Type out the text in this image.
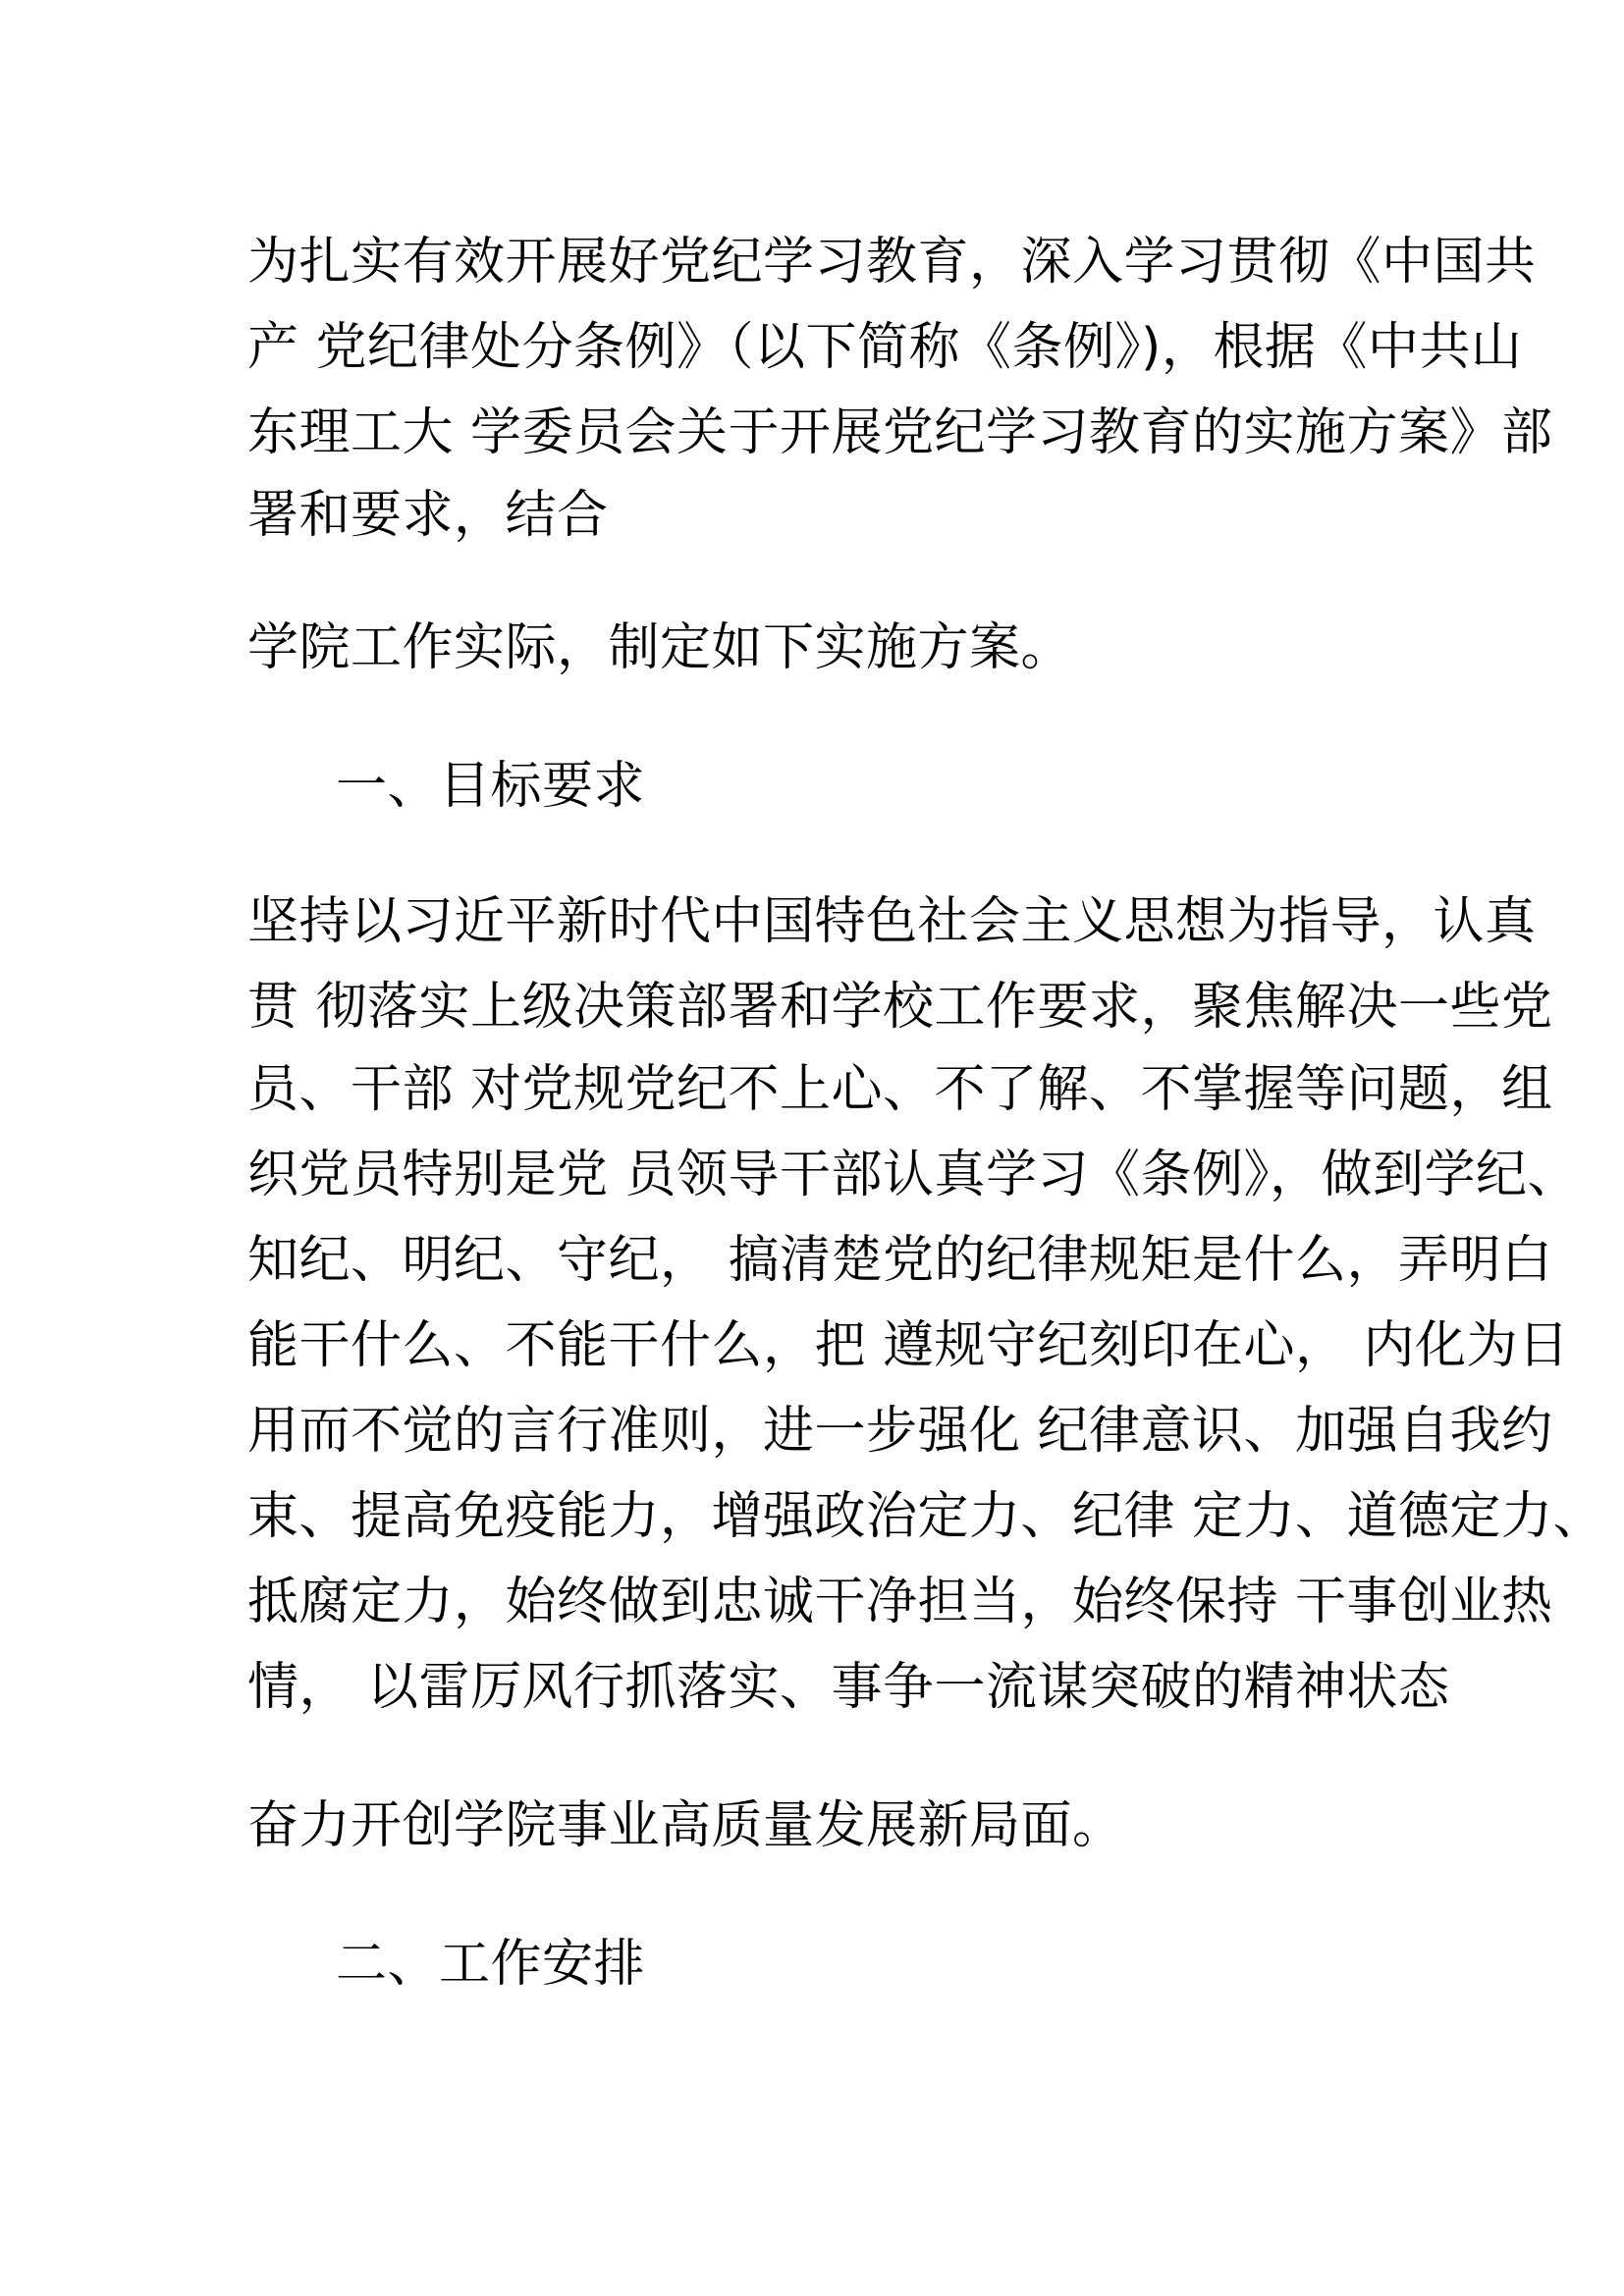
为扎实有效开展好党纪学习教育，深入学习贯彻《中国共
产 党纪律处分条例》（以下简称《条例》)，根据《中共山
东理工大 学委员会关于开展党纪学习教育的实施方案》部
署和要求，结合
学院工作实际，制定如下实施方案。
一、目标要求
坚持以习近平新时代中国特色社会主义思想为指导，认真
贯 彻落实上级决策部署和学校工作要求，聚焦解决一些党
员、干部 对党规党纪不上心、不了解、不掌握等问题，组
织党员特别是党 员领导干部认真学习《条例》，做到学纪、
知纪、明纪、守纪， 搞清楚党的纪律规矩是什么，弄明白
能干什么、不能干什么，把 遵规守纪刻印在心， 内化为日
用而不觉的言行准则，进一步强化 纪律意识、加强自我约
束、提高免疫能力，增强政治定力、纪律 定力、道德定力、
抵腐定力，始终做到忠诚干净担当，始终保持 干事创业热
情， 以雷厉风行抓落实、事争一流谋突破的精神状态
奋力开创学院事业高质量发展新局面。
二、工作安排
